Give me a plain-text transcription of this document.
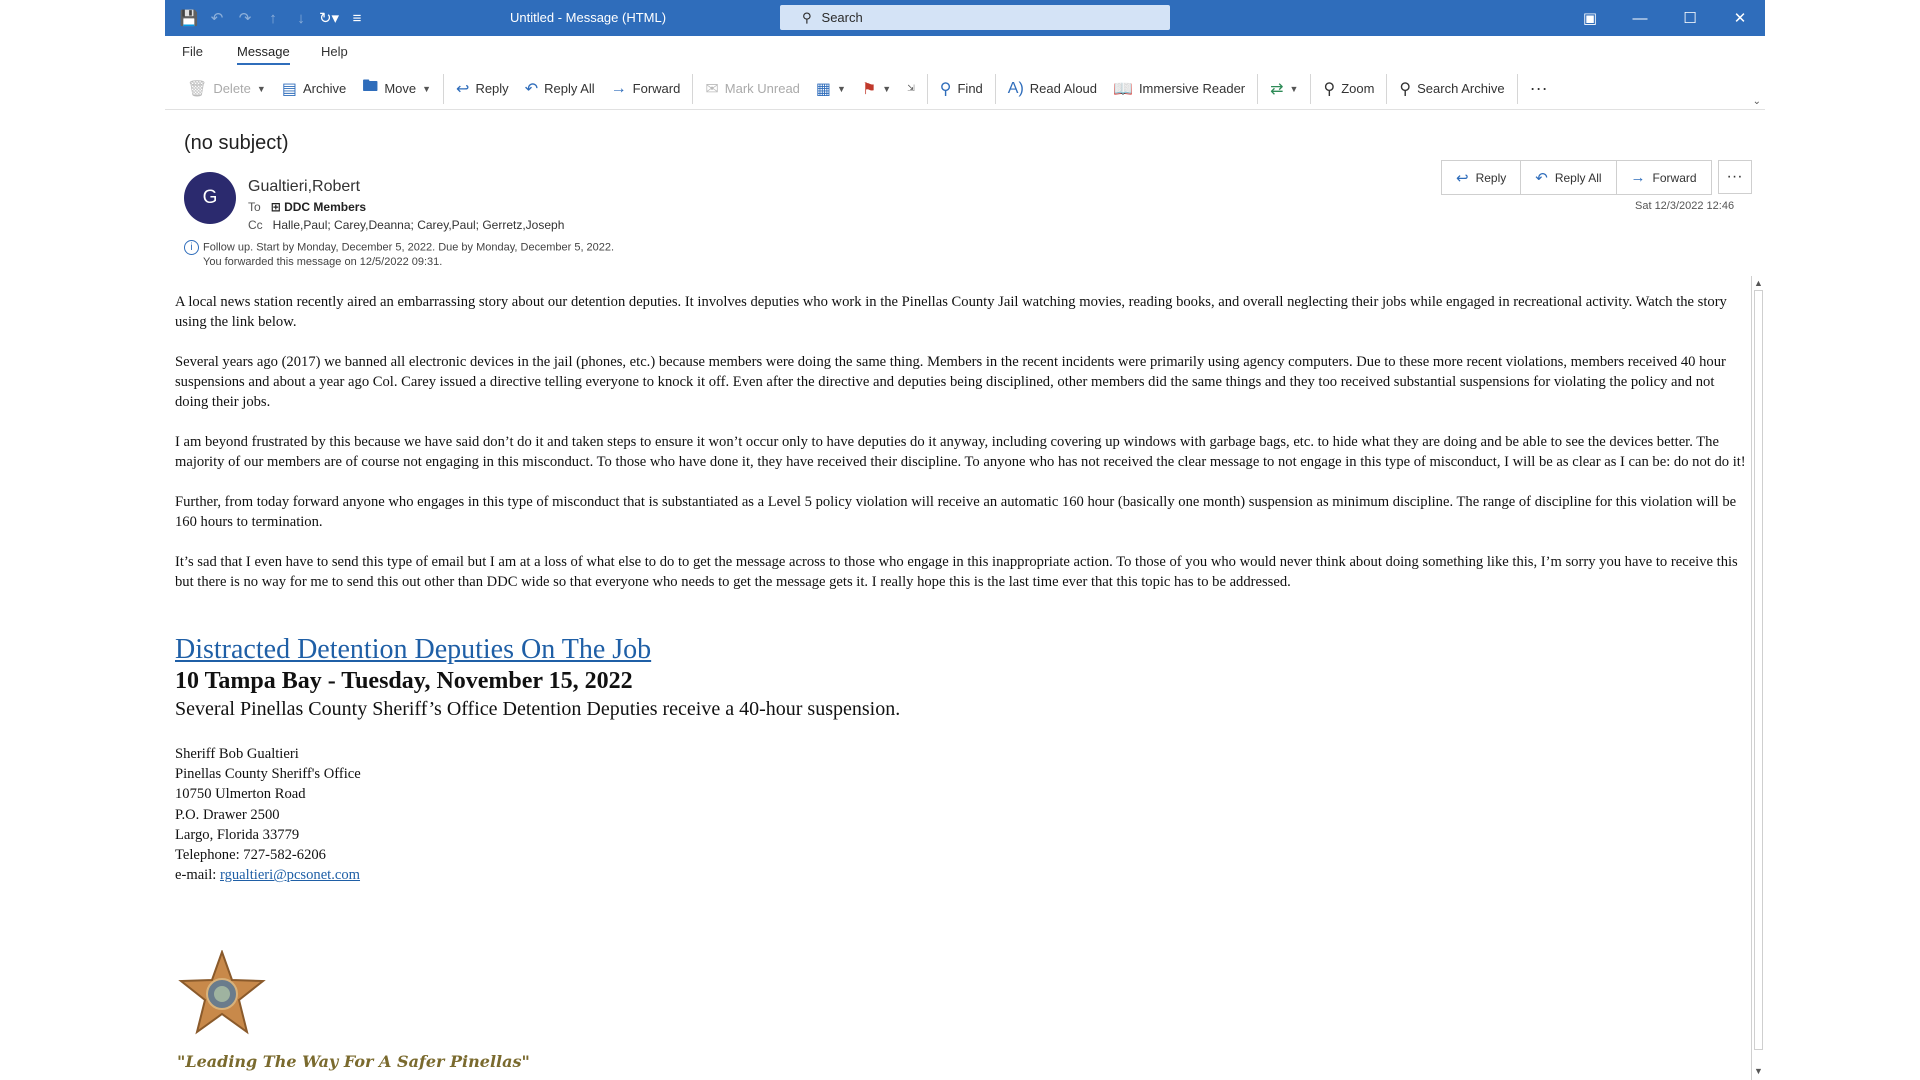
💾 ↶	↷	↑	↓ ↻▾ ≡	Untitled - Message (HTML)	⚲ Search	▣	—	☐	✕
File	Message Help
🗑 Delete ▼ ▤ Archive 🖿 Move ▼ ↩ Reply ↶ Reply All → Forward ✉ Mark Unread ▦ ▼ ⚑ ▼ ⇲ ⚲ Find A) Read Aloud 📖 Immersive Reader ⇄ ▼ ⚲ Zoom ⚲ Search Archive ···
⌄
(no subject)
G
Gualtieri,Robert
To ⊞ DDC Members
Cc Halle,Paul; Carey,Deanna; Carey,Paul; Gerretz,Joseph
i Follow up. Start by Monday, December 5, 2022. Due by Monday, December 5, 2022.
You forwarded this message on 12/5/2022 09:31.
↩ Reply ↶ Reply All → Forward	···
Sat 12/3/2022 12:46

A local news station recently aired an embarrassing story about our detention deputies. It involves deputies who work in the Pinellas County Jail watching movies, reading books, and overall neglecting their jobs while engaged in recreational activity. Watch the story using the link below.

Several years ago (2017) we banned all electronic devices in the jail (phones, etc.) because members were doing the same thing. Members in the recent incidents were primarily using agency computers. Due to these more recent violations, members received 40 hour suspensions and about a year ago Col. Carey issued a directive telling everyone to knock it off. Even after the directive and deputies being disciplined, other members did the same things and they too received substantial suspensions for violating the policy and not doing their jobs.

I am beyond frustrated by this because we have said don’t do it and taken steps to ensure it won’t occur only to have deputies do it anyway, including covering up windows with garbage bags, etc. to hide what they are doing and be able to see the devices better. The majority of our members are of course not engaging in this misconduct. To those who have done it, they have received their discipline. To anyone who has not received the clear message to not engage in this type of misconduct, I will be as clear as I can be: do not do it!

Further, from today forward anyone who engages in this type of misconduct that is substantiated as a Level 5 policy violation will receive an automatic 160 hour (basically one month) suspension as minimum discipline. The range of discipline for this violation will be 160 hours to termination.

It’s sad that I even have to send this type of email but I am at a loss of what else to do to get the message across to those who engage in this inappropriate action. To those of you who would never think about doing something like this, I’m sorry you have to receive this but there is no way for me to send this out other than DDC wide so that everyone who needs to get the message gets it. I really hope this is the last time ever that this topic has to be addressed.

Distracted Detention Deputies On The Job
10 Tampa Bay - Tuesday, November 15, 2022
Several Pinellas County Sheriff’s Office Detention Deputies receive a 40-hour suspension.
Sheriff Bob Gualtieri
Pinellas County Sheriff's Office
10750 Ulmerton Road
P.O. Drawer 2500
Largo, Florida 33779
Telephone: 727-582-6206
e-mail: rgualtieri@pcsonet.com
"Leading The Way For A Safer Pinellas"
▲
▼
